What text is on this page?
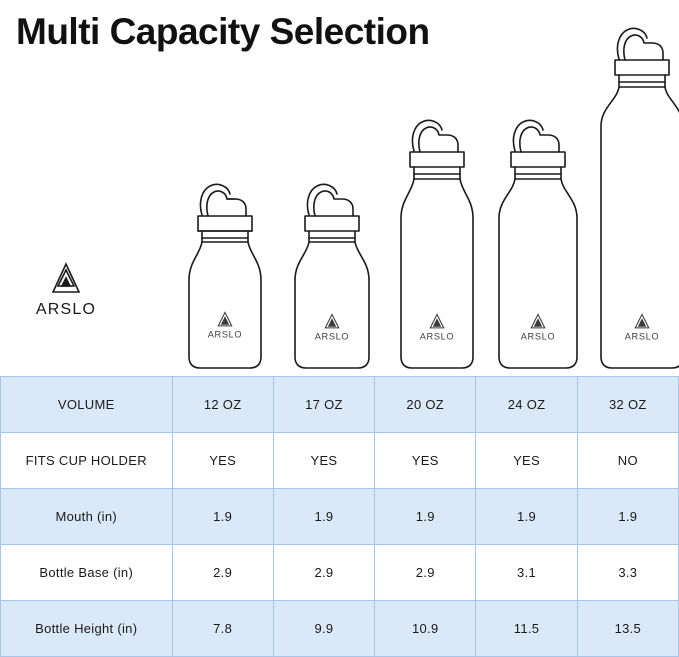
Multi Capacity Selection
ARSLO
ARSLO	ARSLO	ARSLO	ARSLO	ARSLO
VOLUME	12 OZ	17 OZ	20 OZ	24 OZ	32 OZ
FITS CUP HOLDER	YES	YES	YES	YES	NO
Mouth (in)	1.9	1.9	1.9	1.9	1.9
Bottle Base (in)	2.9	2.9	2.9	3.1	3.3
Bottle Height (in)	7.8	9.9	10.9	11.5	13.5
